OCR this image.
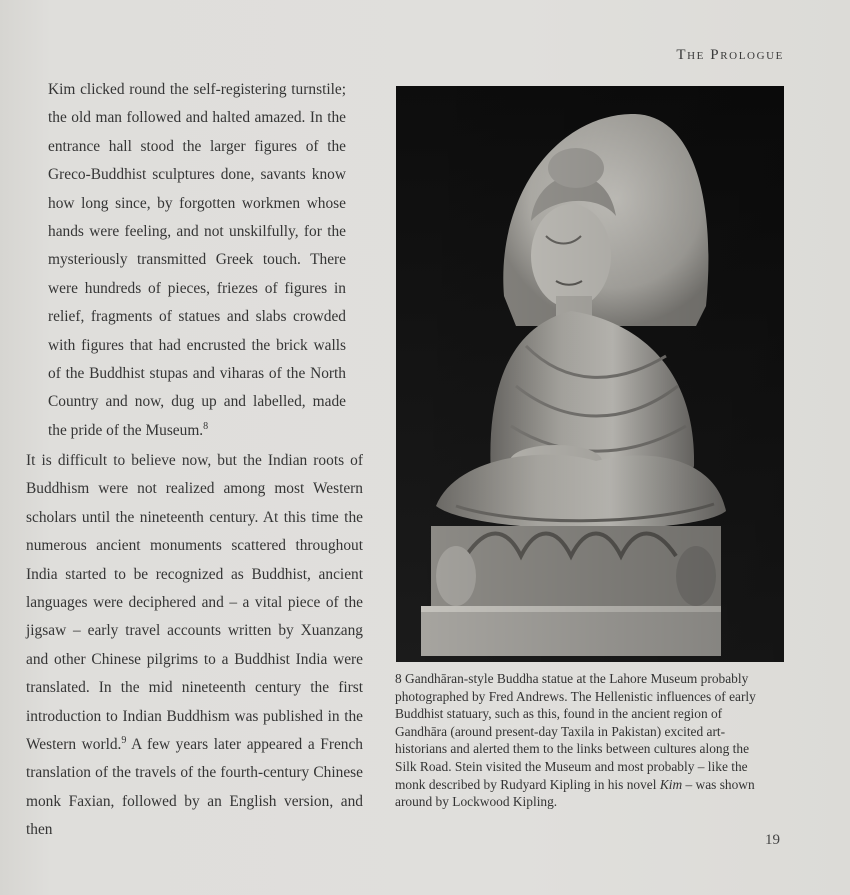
The Prologue
Kim clicked round the self-registering turnstile; the old man followed and halted amazed. In the entrance hall stood the larger figures of the Greco-Buddhist sculptures done, savants know how long since, by forgotten workmen whose hands were feeling, and not unskilfully, for the mysteriously transmitted Greek touch. There were hundreds of pieces, friezes of figures in relief, fragments of statues and slabs crowded with figures that had encrusted the brick walls of the Buddhist stupas and viharas of the North Country and now, dug up and labelled, made the pride of the Museum.$^8$
It is difficult to believe now, but the Indian roots of Buddhism were not realized among most Western scholars until the nineteenth century. At this time the numerous ancient monuments scattered throughout India started to be recognized as Buddhist, ancient languages were deciphered and – a vital piece of the jigsaw – early travel accounts written by Xuanzang and other Chinese pilgrims to a Buddhist India were translated. In the mid nineteenth century the first introduction to Indian Buddhism was published in the Western world.$^9$ A few years later appeared a French translation of the travels of the fourth-century Chinese monk Faxian, followed by an English version, and then
8 Gandhāran-style Buddha statue at the Lahore Museum probably photographed by Fred Andrews. The Hellenistic influences of early Buddhist statuary, such as this, found in the ancient region of Gandhāra (around present-day Taxila in Pakistan) excited art-historians and alerted them to the links between cultures along the Silk Road. Stein visited the Museum and most probably – like the monk described by Rudyard Kipling in his novel Kim – was shown around by Lockwood Kipling.
19
